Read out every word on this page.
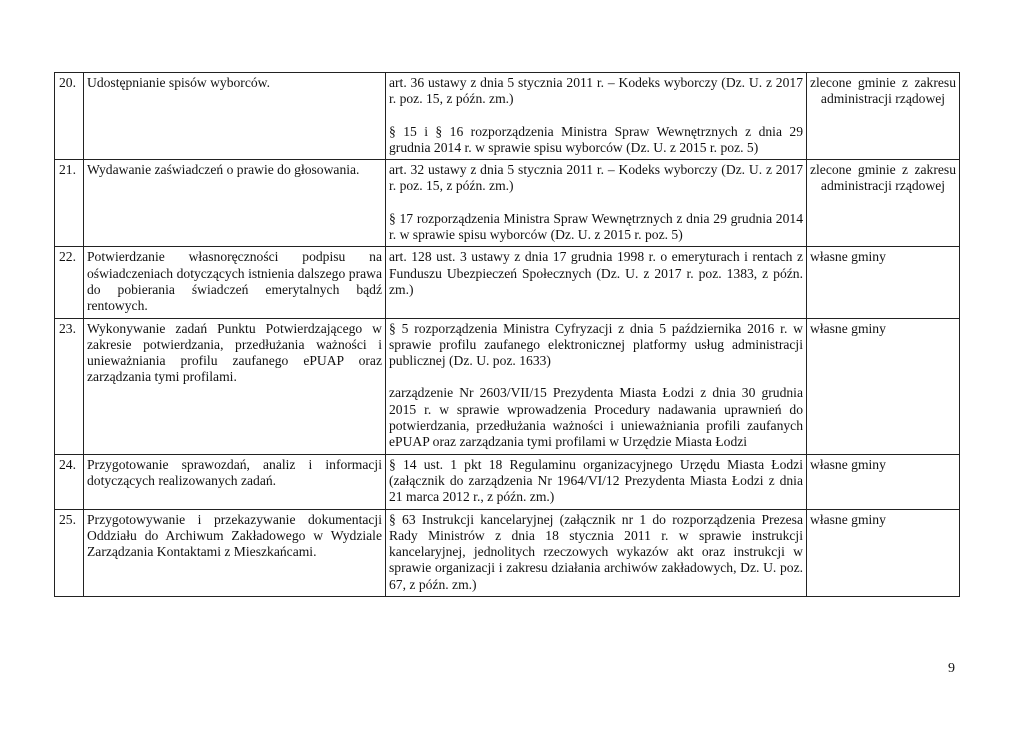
20.	Udostępnianie spisów wyborców.	art. 36 ustawy z dnia 5 stycznia 2011 r. – Kodeks wyborczy (Dz. U. z 2017 r. poz. 15, z późn. zm.)

§ 15 i § 16 rozporządzenia Ministra Spraw Wewnętrznych z dnia 29 grudnia 2014 r. w sprawie spisu wyborców (Dz. U. z 2015 r. poz. 5)	zlecone gminie z zakresu administracji rządowej
21.	Wydawanie zaświadczeń o prawie do głosowania.	art. 32 ustawy z dnia 5 stycznia 2011 r. – Kodeks wyborczy (Dz. U. z 2017 r. poz. 15, z późn. zm.)

§ 17 rozporządzenia Ministra Spraw Wewnętrznych z dnia 29 grudnia 2014 r. w sprawie spisu wyborców (Dz. U. z 2015 r. poz. 5)	zlecone gminie z zakresu administracji rządowej
22.	Potwierdzanie własnoręczności podpisu na oświadczeniach dotyczących istnienia dalszego prawa do pobierania świadczeń emerytalnych bądź rentowych.	art. 128 ust. 3 ustawy z dnia 17 grudnia 1998 r. o emeryturach i rentach z Funduszu Ubezpieczeń Społecznych (Dz. U. z 2017 r. poz. 1383, z późn. zm.)	własne gminy
23.	Wykonywanie zadań Punktu Potwierdzającego w zakresie potwierdzania, przedłużania ważności i unieważniania profilu zaufanego ePUAP oraz zarządzania tymi profilami.	§ 5 rozporządzenia Ministra Cyfryzacji z dnia 5 października 2016 r. w sprawie profilu zaufanego elektronicznej platformy usług administracji publicznej (Dz. U. poz. 1633)

zarządzenie Nr 2603/VII/15 Prezydenta Miasta Łodzi z dnia 30 grudnia 2015 r. w sprawie wprowadzenia Procedury nadawania uprawnień do potwierdzania, przedłużania ważności i unieważniania profili zaufanych ePUAP oraz zarządzania tymi profilami w Urzędzie Miasta Łodzi	własne gminy
24.	Przygotowanie sprawozdań, analiz i informacji dotyczących realizowanych zadań.	§ 14 ust. 1 pkt 18 Regulaminu organizacyjnego Urzędu Miasta Łodzi (załącznik do zarządzenia Nr 1964/VI/12 Prezydenta Miasta Łodzi z dnia 21 marca 2012 r., z późn. zm.)	własne gminy
25.	Przygotowywanie i przekazywanie dokumentacji Oddziału do Archiwum Zakładowego w Wydziale Zarządzania Kontaktami z Mieszkańcami.	§ 63 Instrukcji kancelaryjnej (załącznik nr 1 do rozporządzenia Prezesa Rady Ministrów z dnia 18 stycznia 2011 r. w sprawie instrukcji kancelaryjnej, jednolitych rzeczowych wykazów akt oraz instrukcji w sprawie organizacji i zakresu działania archiwów zakładowych, Dz. U. poz. 67, z późn. zm.)	własne gminy
9
